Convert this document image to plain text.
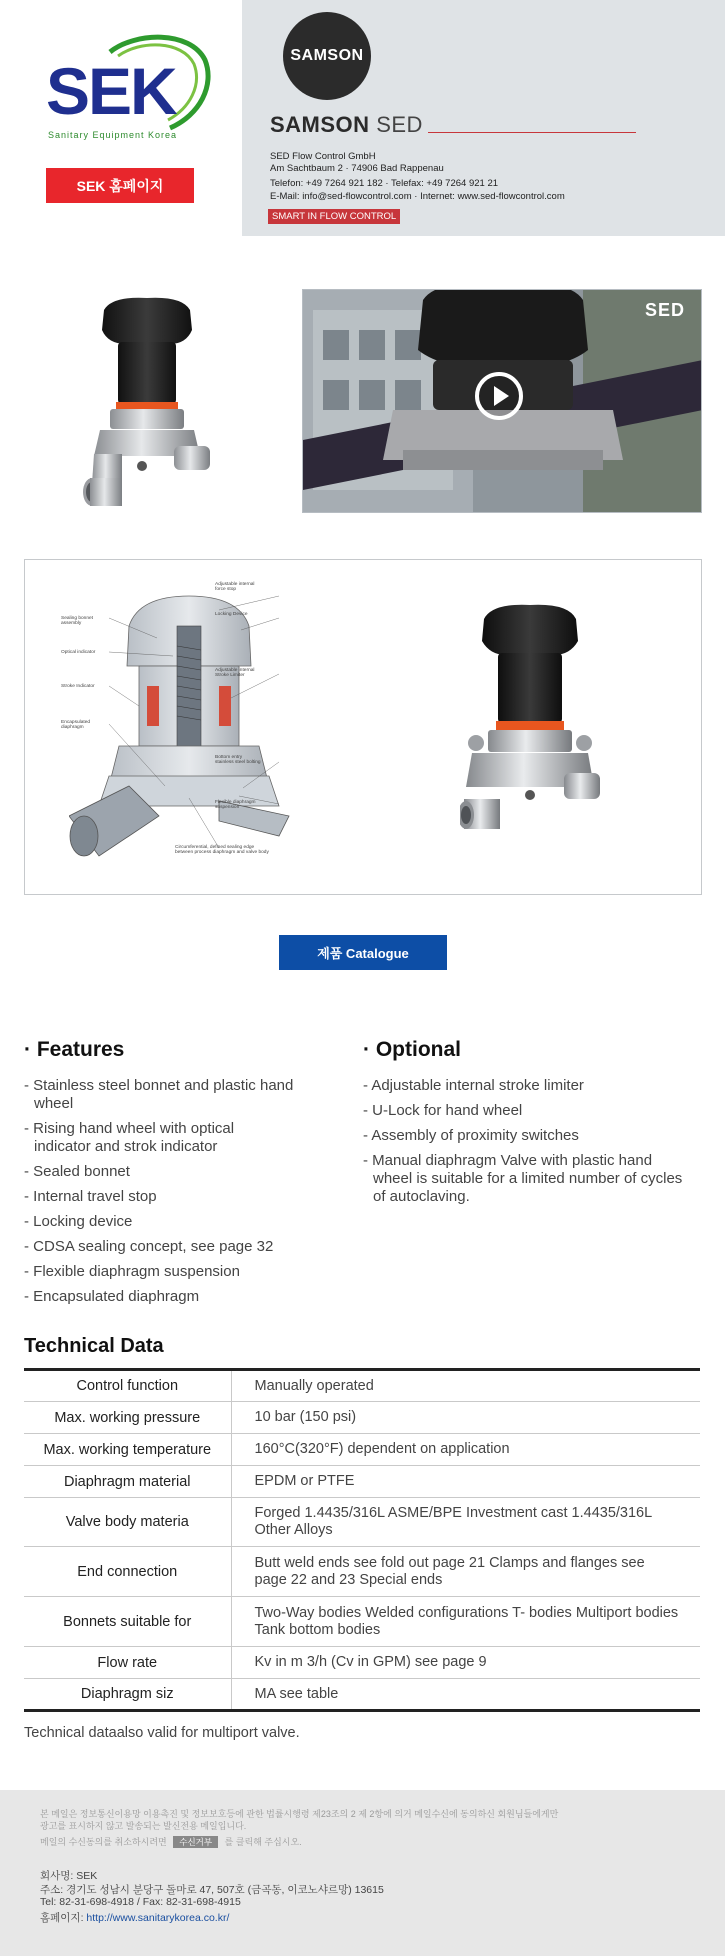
SEK
Sanitary Equipment Korea
SEK 홈페이지
SAMSON
SAMSON SED
SED Flow Control GmbH
Am Sachtbaum 2 · 74906 Bad Rappenau
Telefon: +49 7264 921 182 · Telefax: +49 7264 921 21
E-Mail: info@sed-flowcontrol.com · Internet: www.sed-flowcontrol.com
SMART IN FLOW CONTROL
SED
Adjustable internal
force stop
Locking Device
Adjustable internal
Stroke Limiter
Sealing bonnet
assembly
Optical indicator
Stroke Indicator
Encapsulated
diaphragm
Bottom entry
stainless steel bolting
Flexible diaphragm
suspension
Circumferential, defined sealing edge
between process diaphragm and valve body
제품 Catalogue
· Features
- Stainless steel bonnet and plastic hand wheel
- Rising hand wheel with optical indicator and strok indicator
- Sealed bonnet
- Internal travel stop
- Locking device
- CDSA sealing concept, see page 32
- Flexible diaphragm suspension
- Encapsulated diaphragm
· Optional
- Adjustable internal stroke limiter
- U-Lock for hand wheel
- Assembly of proximity switches
- Manual diaphragm Valve with plastic hand wheel is suitable for a limited number of cycles of autoclaving.
Technical Data
Control function	Manually operated
Max. working pressure	10 bar (150 psi)
Max. working temperature	160°C(320°F) dependent on application
Diaphragm material	EPDM or PTFE
Valve body materia	Forged 1.4435/316L ASME/BPE Investment cast 1.4435/316L Other Alloys
End connection	Butt weld ends see fold out page 21 Clamps and flanges see page 22 and 23 Special ends
Bonnets suitable for	Two-Way bodies Welded configurations T- bodies Multiport bodies Tank bottom bodies
Flow rate	Kv in m 3/h (Cv in GPM) see page 9
Diaphragm siz	MA see table
Technical dataalso valid for multiport valve.
본 메일은 정보통신이용망 이용촉진 및 정보보호등에 관한 법률시행령 제23조의 2 제 2항에 의거 메일수신에 동의하신 회원님들에게만
광고를 표시하지 않고 발송되는 발신전용 메일입니다.
메일의 수신동의를 취소하시려면 수신거부 를 클릭해 주십시오.
회사명: SEK
주소: 경기도 성남시 분당구 돌마로 47, 507호 (금곡동, 이코노샤르망) 13615
Tel: 82-31-698-4918 / Fax: 82-31-698-4915
홈페이지: http://www.sanitarykorea.co.kr/
